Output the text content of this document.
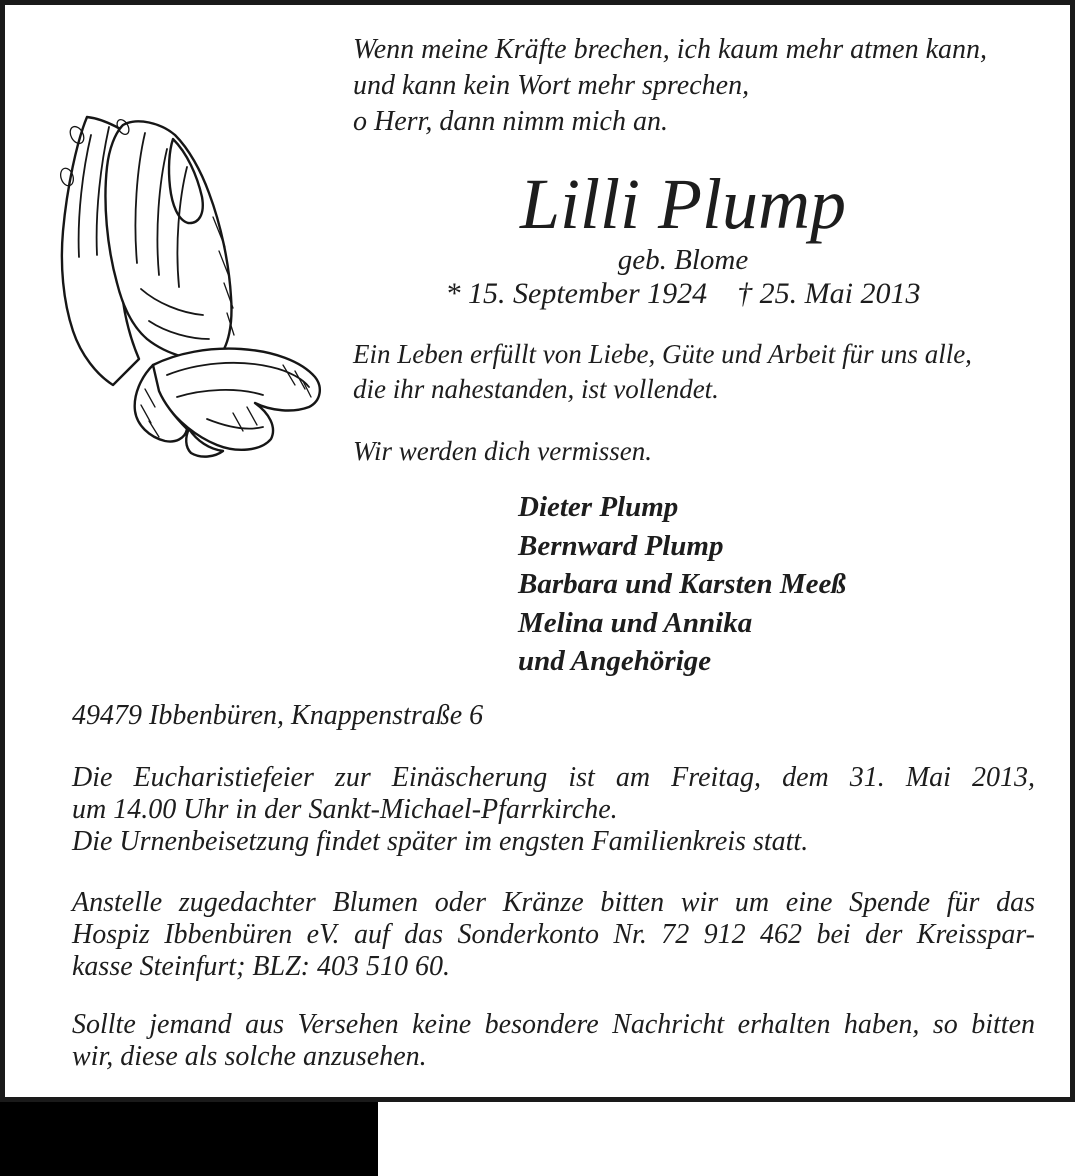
Wenn meine Kräfte brechen, ich kaum mehr atmen kann,
und kann kein Wort mehr sprechen,
o Herr, dann nimm mich an.
Lilli Plump
geb. Blome
* 15. September 1924 † 25. Mai 2013
Ein Leben erfüllt von Liebe, Güte und Arbeit für uns alle,
die ihr nahestanden, ist vollendet.
Wir werden dich vermissen.
Dieter Plump
Bernward Plump
Barbara und Karsten Meeß
Melina und Annika
und Angehörige
49479 Ibbenbüren, Knappenstraße 6
Die Eucharistiefeier zur Einäscherung ist am Freitag, dem 31. Mai 2013,
um 14.00 Uhr in der Sankt-Michael-Pfarrkirche.
Die Urnenbeisetzung findet später im engsten Familienkreis statt.
Anstelle zugedachter Blumen oder Kränze bitten wir um eine Spende für das
Hospiz Ibbenbüren eV. auf das Sonderkonto Nr. 72 912 462 bei der Kreisspar-
kasse Steinfurt; BLZ: 403 510 60.
Sollte jemand aus Versehen keine besondere Nachricht erhalten haben, so bitten
wir, diese als solche anzusehen.
